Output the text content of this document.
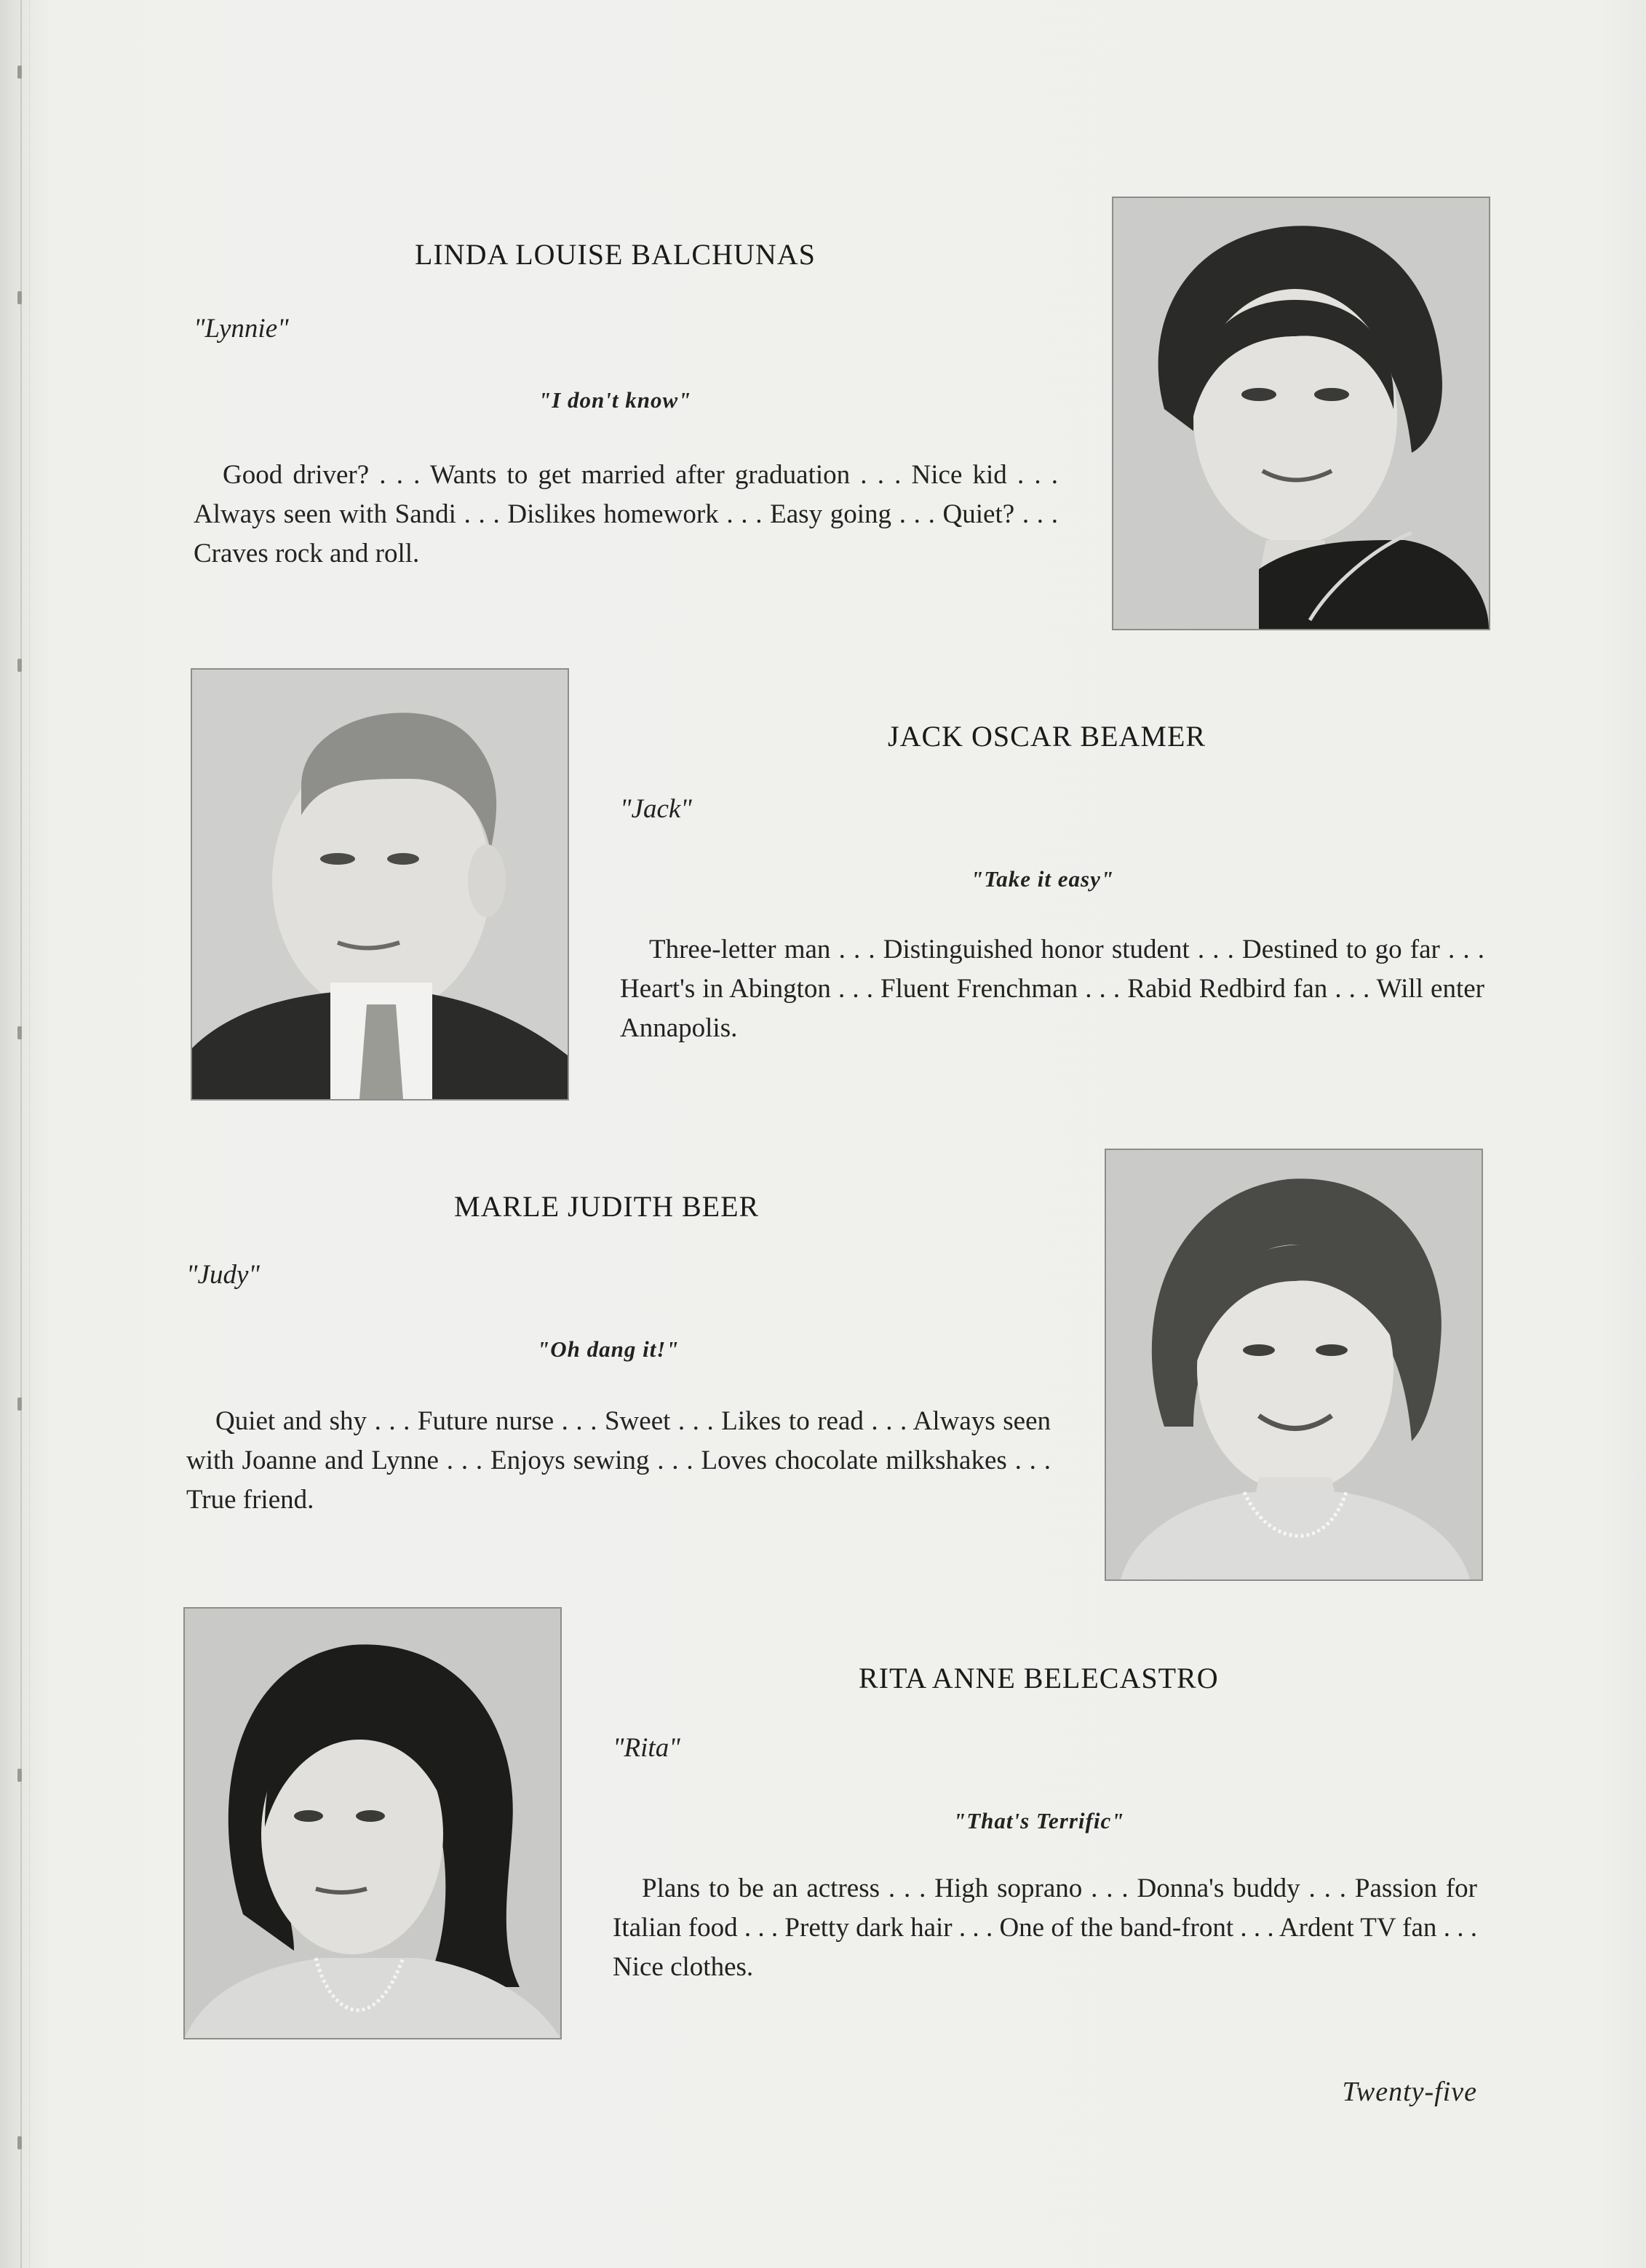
LINDA LOUISE BALCHUNAS
"Lynnie"
"I don't know"
Good driver? . . . Wants to get married after graduation . . . Nice kid . . . Always seen with Sandi . . . Dislikes homework . . . Easy going . . . Quiet? . . . Craves rock and roll.
JACK OSCAR BEAMER
"Jack"
"Take it easy"
Three-letter man . . . Distinguished honor student . . . Destined to go far . . . Heart's in Abington . . . Fluent Frenchman . . . Rabid Redbird fan . . . Will enter Annapolis.
MARLE JUDITH BEER
"Judy"
"Oh dang it!"
Quiet and shy . . . Future nurse . . . Sweet . . . Likes to read . . . Always seen with Joanne and Lynne . . . Enjoys sewing . . . Loves chocolate milkshakes . . . True friend.
RITA ANNE BELECASTRO
"Rita"
"That's Terrific"
Plans to be an actress . . . High soprano . . . Donna's buddy . . . Passion for Italian food . . . Pretty dark hair . . . One of the band-front . . . Ardent TV fan . . . Nice clothes.
Twenty-five
